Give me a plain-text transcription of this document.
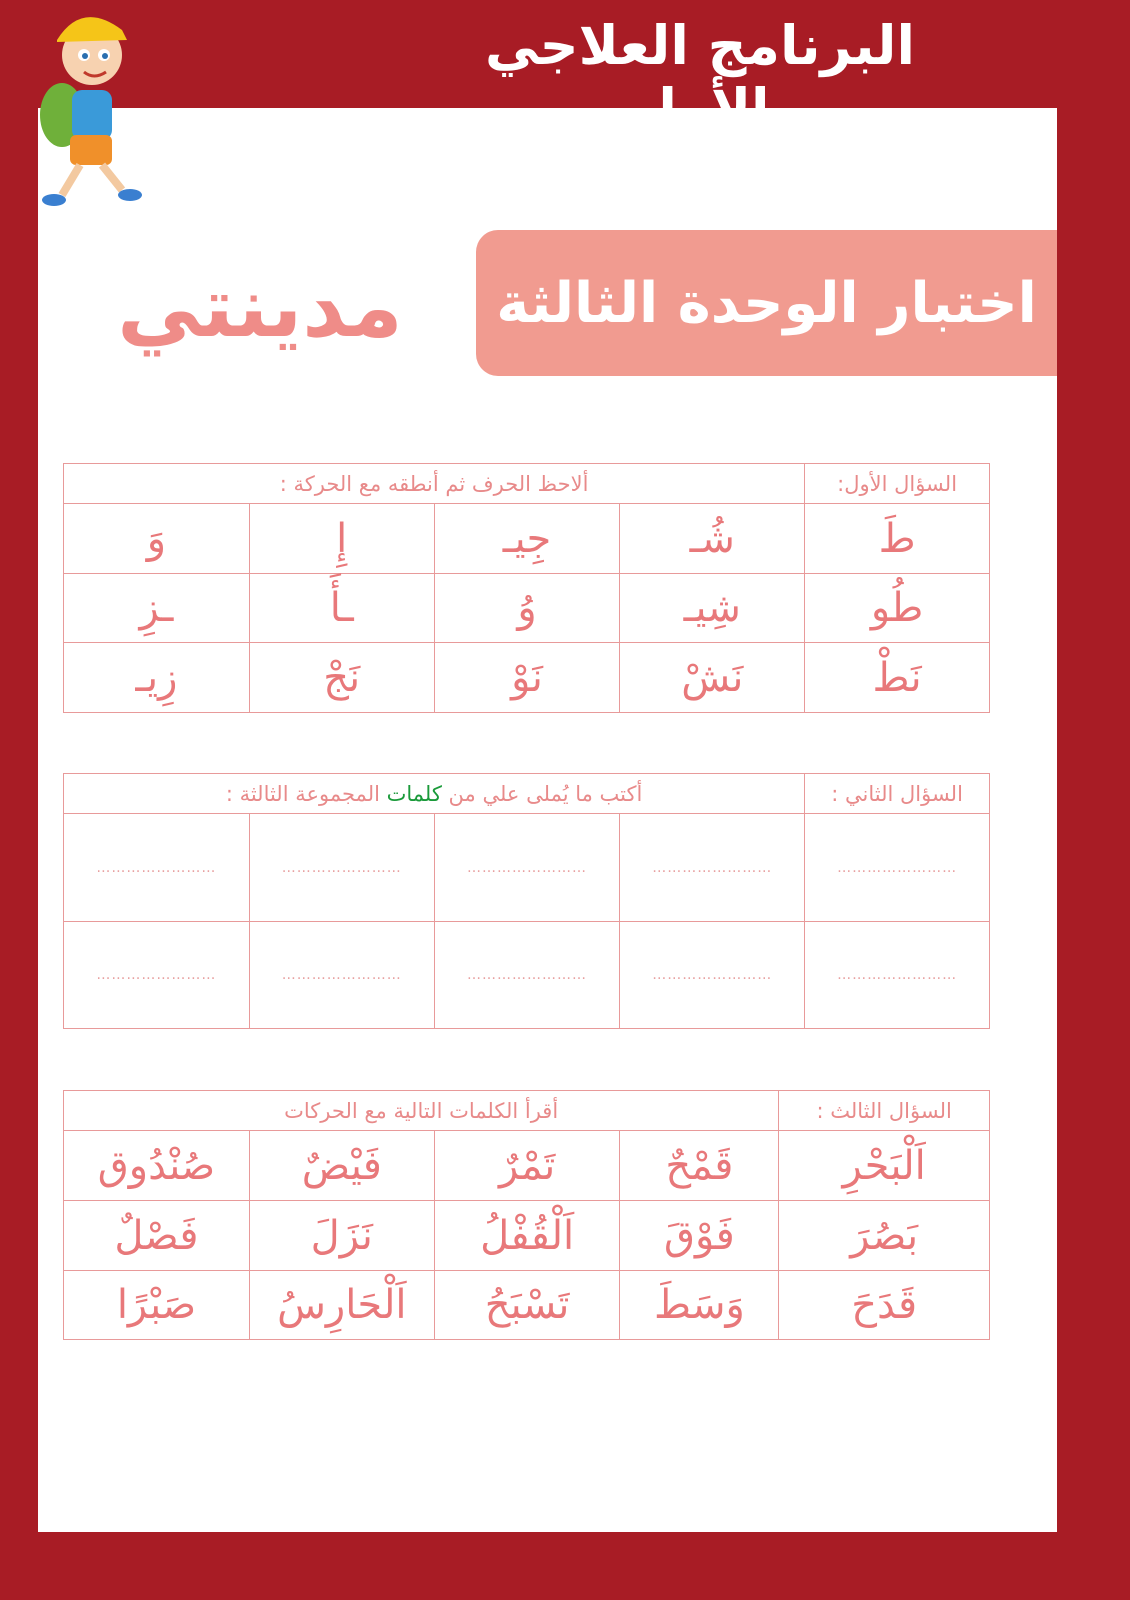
البرنامج العلاجي الأول
اختبار الوحدة الثالثة
مدينتي
السؤال الأول:	ألاحظ الحرف ثم أنطقه مع الحركة :			
طَ	شُـ	جِيـ	إِ	وَ
طُو	شِيـ	وُ	ـأَ	ـزِ
نَطْ	نَشْ	نَوْ	نَجْ	زِيـ
السؤال الثاني :	أكتب ما يُملى علي من كلمات المجموعة الثالثة :			
……………………	……………………	……………………	……………………	……………………
……………………	……………………	……………………	……………………	……………………
السؤال الثالث :	أقرأ الكلمات التالية مع الحركات			
اَلْبَحْرِ	قَمْحٌ	تَمْرٌ	فَيْضٌ	صُنْدُوق
بَصُرَ	فَوْقَ	اَلْقُفْلُ	نَزَلَ	فَصْلٌ
قَدَحَ	وَسَطَ	تَسْبَحُ	اَلْحَارِسُ	صَبْرًا
